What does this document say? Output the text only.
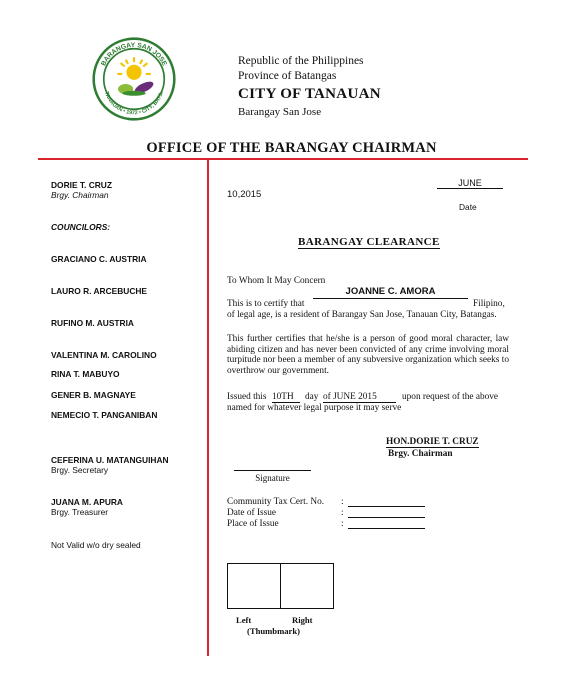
BARANGAY SAN JOSE
TANAUAN • 1972 • CITY, BATS.
Republic of the Philippines
Province of Batangas
CITY OF TANAUAN
Barangay San Jose
OFFICE OF THE BARANGAY CHAIRMAN
DORIE T. CRUZ
Brgy. Chairman
COUNCILORS:
GRACIANO C. AUSTRIA
LAURO R. ARCEBUCHE
RUFINO M. AUSTRIA
VALENTINA M. CAROLINO
RINA T. MABUYO
GENER B. MAGNAYE
NEMECIO T. PANGANIBAN
CEFERINA U. MATANGUIHAN
Brgy. Secretary
JUANA M. APURA
Brgy. Treasurer
Not Valid w/o dry sealed
JUNE
10,2015
Date
BARANGAY CLEARANCE
To Whom It May Concern
This is to certify that
JOANNE C. AMORA
Filipino,
of legal age, is a resident of Barangay San Jose, Tanauan City, Batangas.
This further certifies that he/she is a person of good moral character, law abiding citizen and has never been convicted of any crime involving moral turpitude nor been a member of any subversive organization which seeks to overthrow our government.
Issued this 10TH	day of JUNE 2015	upon request of the above
named for whatever legal purpose it may serve
HON.DORIE T. CRUZ
Brgy. Chairman
Signature
Community Tax Cert. No. :
Date of Issue	:
Place of Issue	:
Left	Right
(Thumbmark)
